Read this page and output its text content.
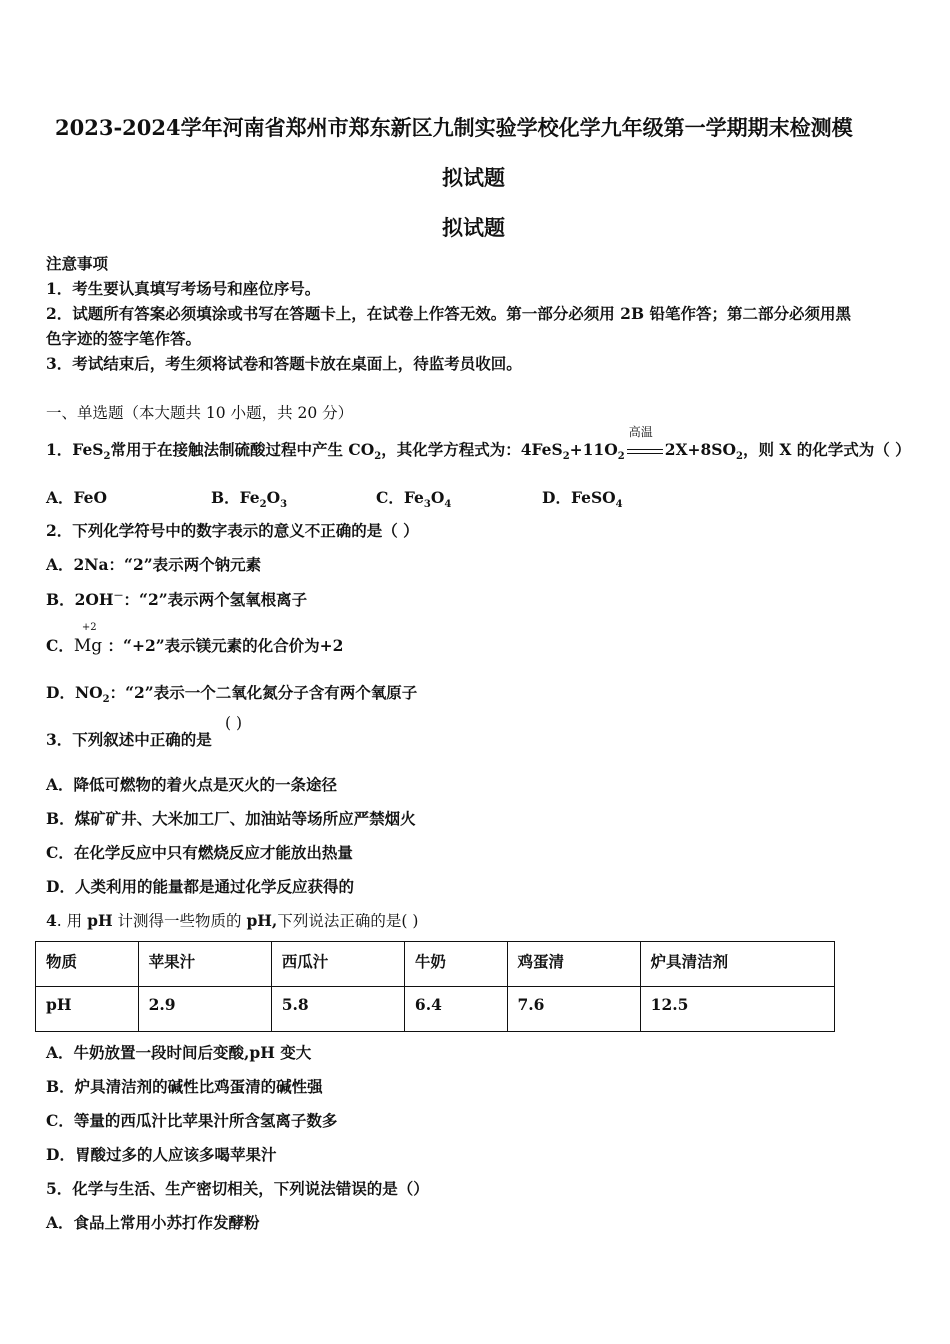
2023-2024学年河南省郑州市郑东新区九制实验学校化学九年级第一学期期末检测模
拟试题
拟试题
注意事项
1．考生要认真填写考场号和座位序号。
2．试题所有答案必须填涂或书写在答题卡上，在试卷上作答无效。第一部分必须用 2B 铅笔作答；第二部分必须用黑
色字迹的签字笔作答。
3．考试结束后，考生须将试卷和答题卡放在桌面上，待监考员收回。
一、单选题（本大题共 10 小题，共 20 分）
1．FeS$_2$常用于在接触法制硫酸过程中产生 $CO_2$，其化学方程式为：$4FeS_2+11O_2$
高温
$2X+8SO_2$，则 X 的化学式为（ ）
A．FeO	B．$Fe_2O_3$	C．$Fe_3O_4$	D．FeSO$_4$
2．下列化学符号中的数字表示的意义不正确的是（ ）
A．2Na：“2”表示两个钠元素
B．2OH－：“2”表示两个氢氧根离子
C．
+2
Mg ：“+2”表示镁元素的化合价为+2
D．$NO_2$：“2”表示一个二氧化氮分子含有两个氧原子
3．下列叙述中正确的是
( )
A．降低可燃物的着火点是灭火的一条途径
B．煤矿矿井、大米加工厂、加油站等场所应严禁烟火
C．在化学反应中只有燃烧反应才能放出热量
D．人类利用的能量都是通过化学反应获得的
4. 用 pH 计测得一些物质的 pH,下列说法正确的是( )
物质	苹果汁	西瓜汁	牛奶	鸡蛋清	炉具清洁剂
pH	2.9	5.8	6.4	7.6	12.5
A．牛奶放置一段时间后变酸,pH 变大
B．炉具清洁剂的碱性比鸡蛋清的碱性强
C．等量的西瓜汁比苹果汁所含氢离子数多
D．胃酸过多的人应该多喝苹果汁
5．化学与生活、生产密切相关，下列说法错误的是（）
A．食品上常用小苏打作发酵粉
